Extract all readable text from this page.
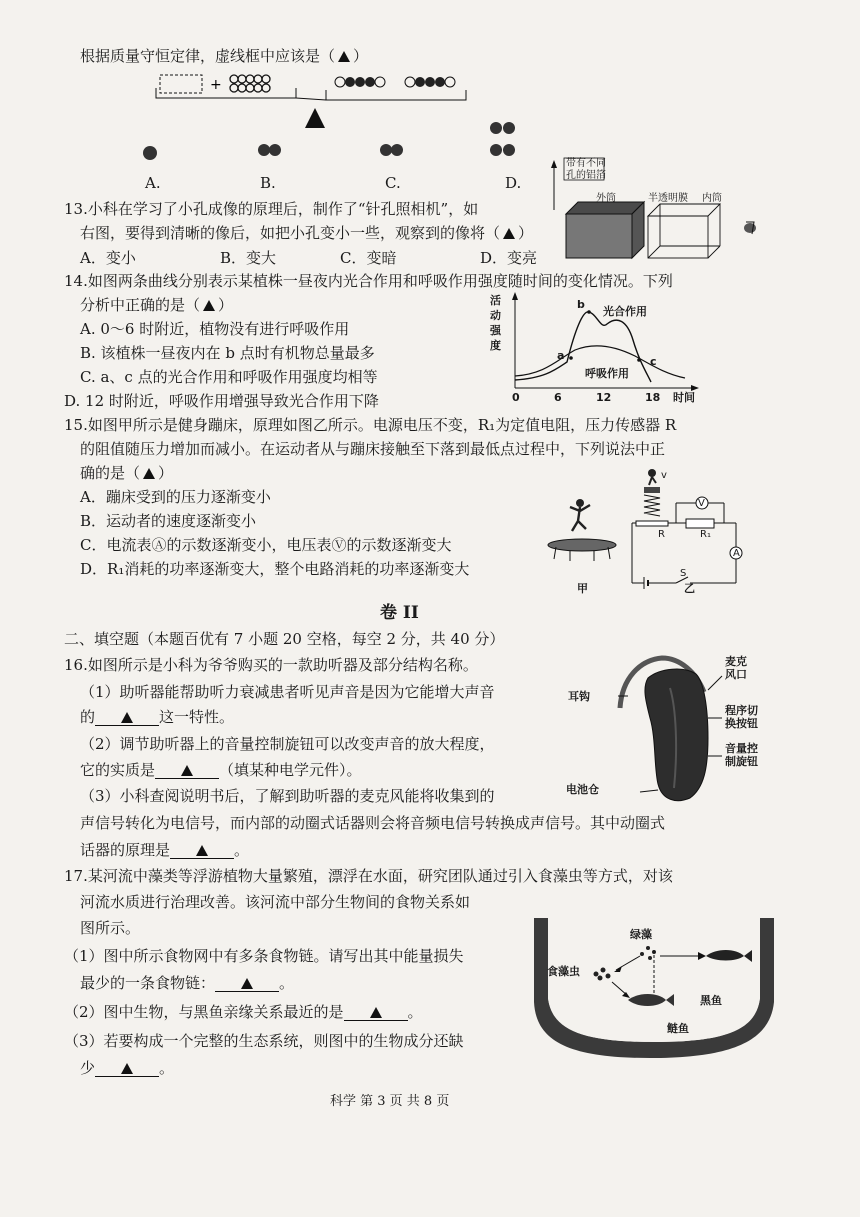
根据质量守恒定律，虚线框中应该是（ ）
+
A.	B.	C.	D.
13.小科在学习了小孔成像的原理后，制作了“针孔照相机”，如
右图，要得到清晰的像后，如把小孔变小一些，观察到的像将（ ）
A．变小	B．变大	C．变暗	D．变亮
带有不同
孔的铝箔
外筒	半透明膜 内筒
14.如图两条曲线分别表示某植株一昼夜内光合作用和呼吸作用强度随时间的变化情况。下列
分析中正确的是（ ）
A. 0～6 时附近，植物没有进行呼吸作用
B. 该植株一昼夜内在 b 点时有机物总量最多
C. a、c 点的光合作用和呼吸作用强度均相等
D. 12 时附近，呼吸作用增强导致光合作用下降
活
动
强
度
b
光合作用
a	c
呼吸作用
0	6	12	18 时间
15.如图甲所示是健身蹦床，原理如图乙所示。电源电压不变，R₁为定值电阻，压力传感器 R
的阻值随压力增加而减小。在运动者从与蹦床接触至下落到最低点过程中，下列说法中正
确的是（ ）
A．蹦床受到的压力逐渐变小
B．运动者的速度逐渐变小
C．电流表Ⓐ的示数逐渐变小，电压表Ⓥ的示数逐渐变大
D．R₁消耗的功率逐渐变大，整个电路消耗的功率逐渐变大
v
V
R	R₁
A
S
甲	乙
卷 II
二、填空题（本题百优有 7 小题 20 空格，每空 2 分，共 40 分）
16.如图所示是小科为爷爷购买的一款助听器及部分结构名称。
（1）助听器能帮助听力衰减患者听见声音是因为它能增大声音
的	这一特性。
（2）调节助听器上的音量控制旋钮可以改变声音的放大程度，
它的实质是	（填某种电学元件）。
（3）小科查阅说明书后，了解到助听器的麦克风能将收集到的
声信号转化为电信号，而内部的动圈式话器则会将音频电信号转换成声信号。其中动圈式
话器的原理是	。
耳钩
麦克
风口
程序切
换按钮
音量控
制旋钮
电池仓
17.某河流中藻类等浮游植物大量繁殖，漂浮在水面，研究团队通过引入食藻虫等方式，对该
河流水质进行治理改善。该河流中部分生物间的食物关系如
图所示。
（1）图中所示食物网中有多条食物链。请写出其中能量损失
最少的一条食物链：	。
（2）图中生物，与黑鱼亲缘关系最近的是	。
（3）若要构成一个完整的生态系统，则图中的生物成分还缺
少	。
绿藻
食藻虫
黑鱼
鲢鱼
科学 第 3 页 共 8 页
